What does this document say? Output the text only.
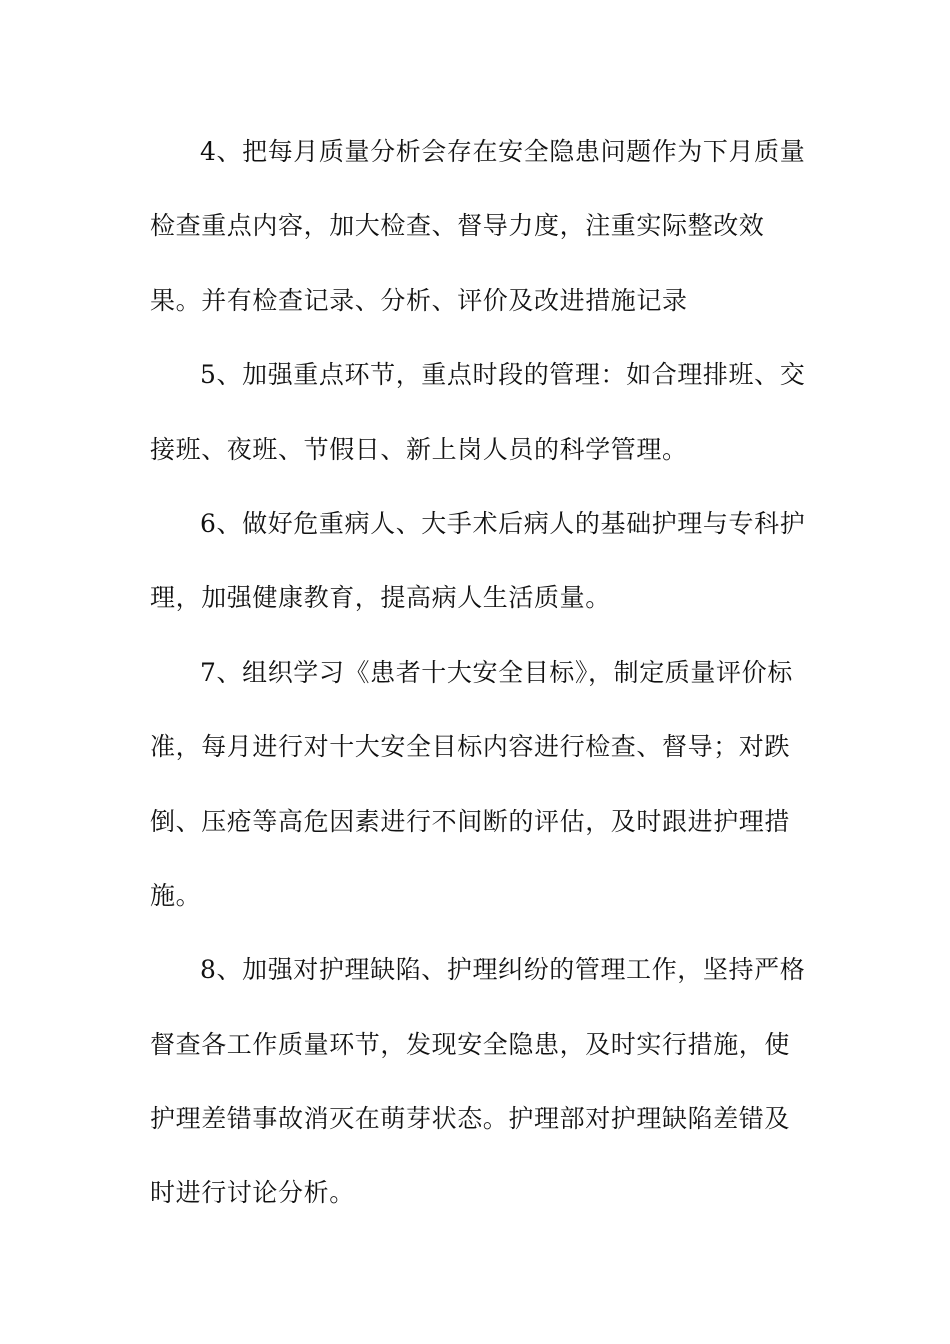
4、把每月质量分析会存在安全隐患问题作为下月质量
检查重点内容，加大检查、督导力度，注重实际整改效
果。并有检查记录、分析、评价及改进措施记录
5、加强重点环节，重点时段的管理：如合理排班、交
接班、夜班、节假日、新上岗人员的科学管理。
6、做好危重病人、大手术后病人的基础护理与专科护
理，加强健康教育，提高病人生活质量。
7、组织学习《患者十大安全目标》，制定质量评价标
准，每月进行对十大安全目标内容进行检查、督导；对跌
倒、压疮等高危因素进行不间断的评估，及时跟进护理措
施。
8、加强对护理缺陷、护理纠纷的管理工作，坚持严格
督查各工作质量环节，发现安全隐患，及时实行措施，使
护理差错事故消灭在萌芽状态。护理部对护理缺陷差错及
时进行讨论分析。
